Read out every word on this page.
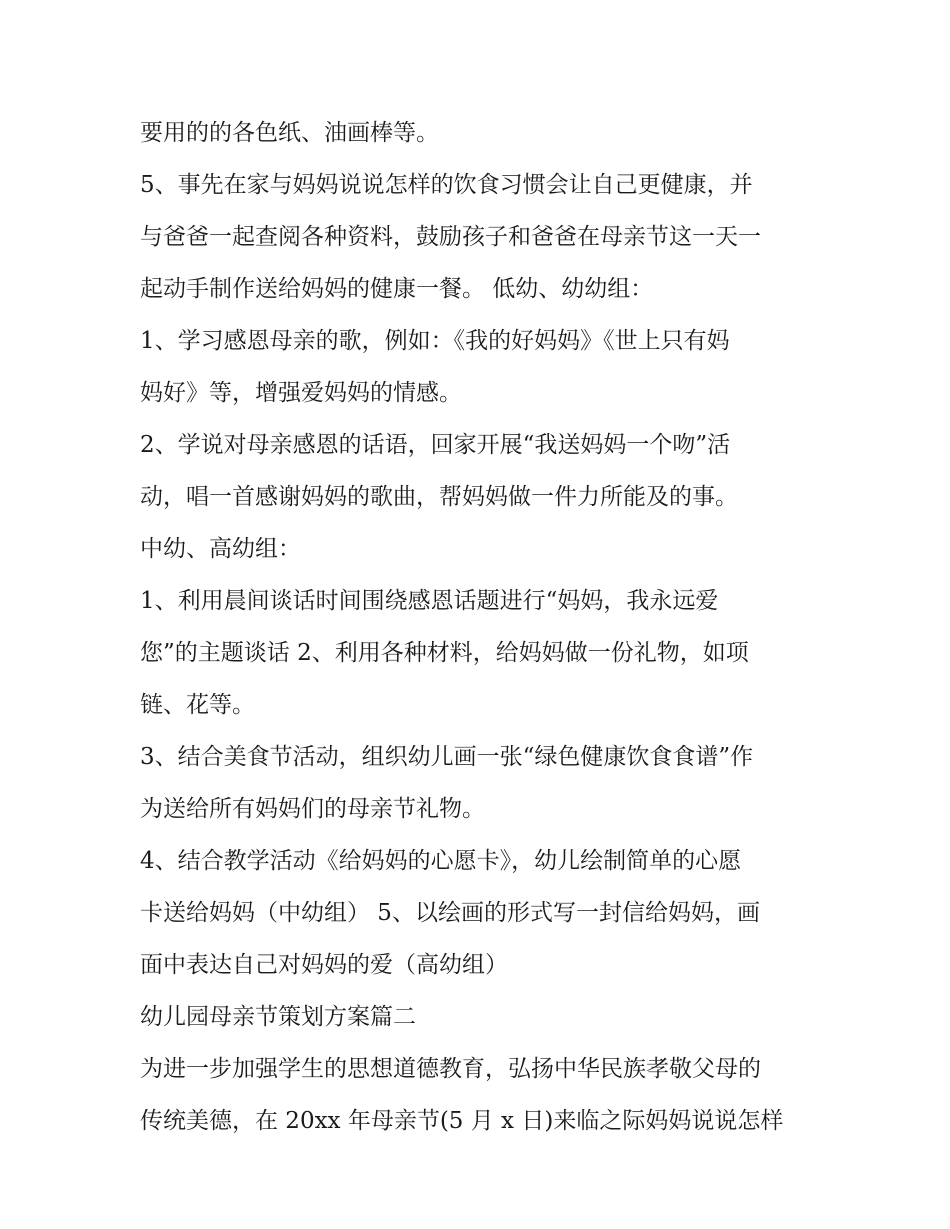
要用的的各色纸、油画棒等。
5、事先在家与妈妈说说怎样的饮食习惯会让自己更健康，并
与爸爸一起查阅各种资料，鼓励孩子和爸爸在母亲节这一天一
起动手制作送给妈妈的健康一餐。 低幼、幼幼组：
1、学习感恩母亲的歌，例如：《我的好妈妈》《世上只有妈
妈好》等，增强爱妈妈的情感。
2、学说对母亲感恩的话语，回家开展“我送妈妈一个吻”活
动，唱一首感谢妈妈的歌曲，帮妈妈做一件力所能及的事。
中幼、高幼组：
1、利用晨间谈话时间围绕感恩话题进行“妈妈，我永远爱
您”的主题谈话 2、利用各种材料，给妈妈做一份礼物，如项
链、花等。
3、结合美食节活动，组织幼儿画一张“绿色健康饮食食谱”作
为送给所有妈妈们的母亲节礼物。
4、结合教学活动《给妈妈的心愿卡》，幼儿绘制简单的心愿
卡送给妈妈（中幼组） 5、以绘画的形式写一封信给妈妈，画
面中表达自己对妈妈的爱（高幼组）
幼儿园母亲节策划方案篇二
为进一步加强学生的思想道德教育，弘扬中华民族孝敬父母的
传统美德，在 20xx 年母亲节(5 月 x 日)来临之际妈妈说说怎样
